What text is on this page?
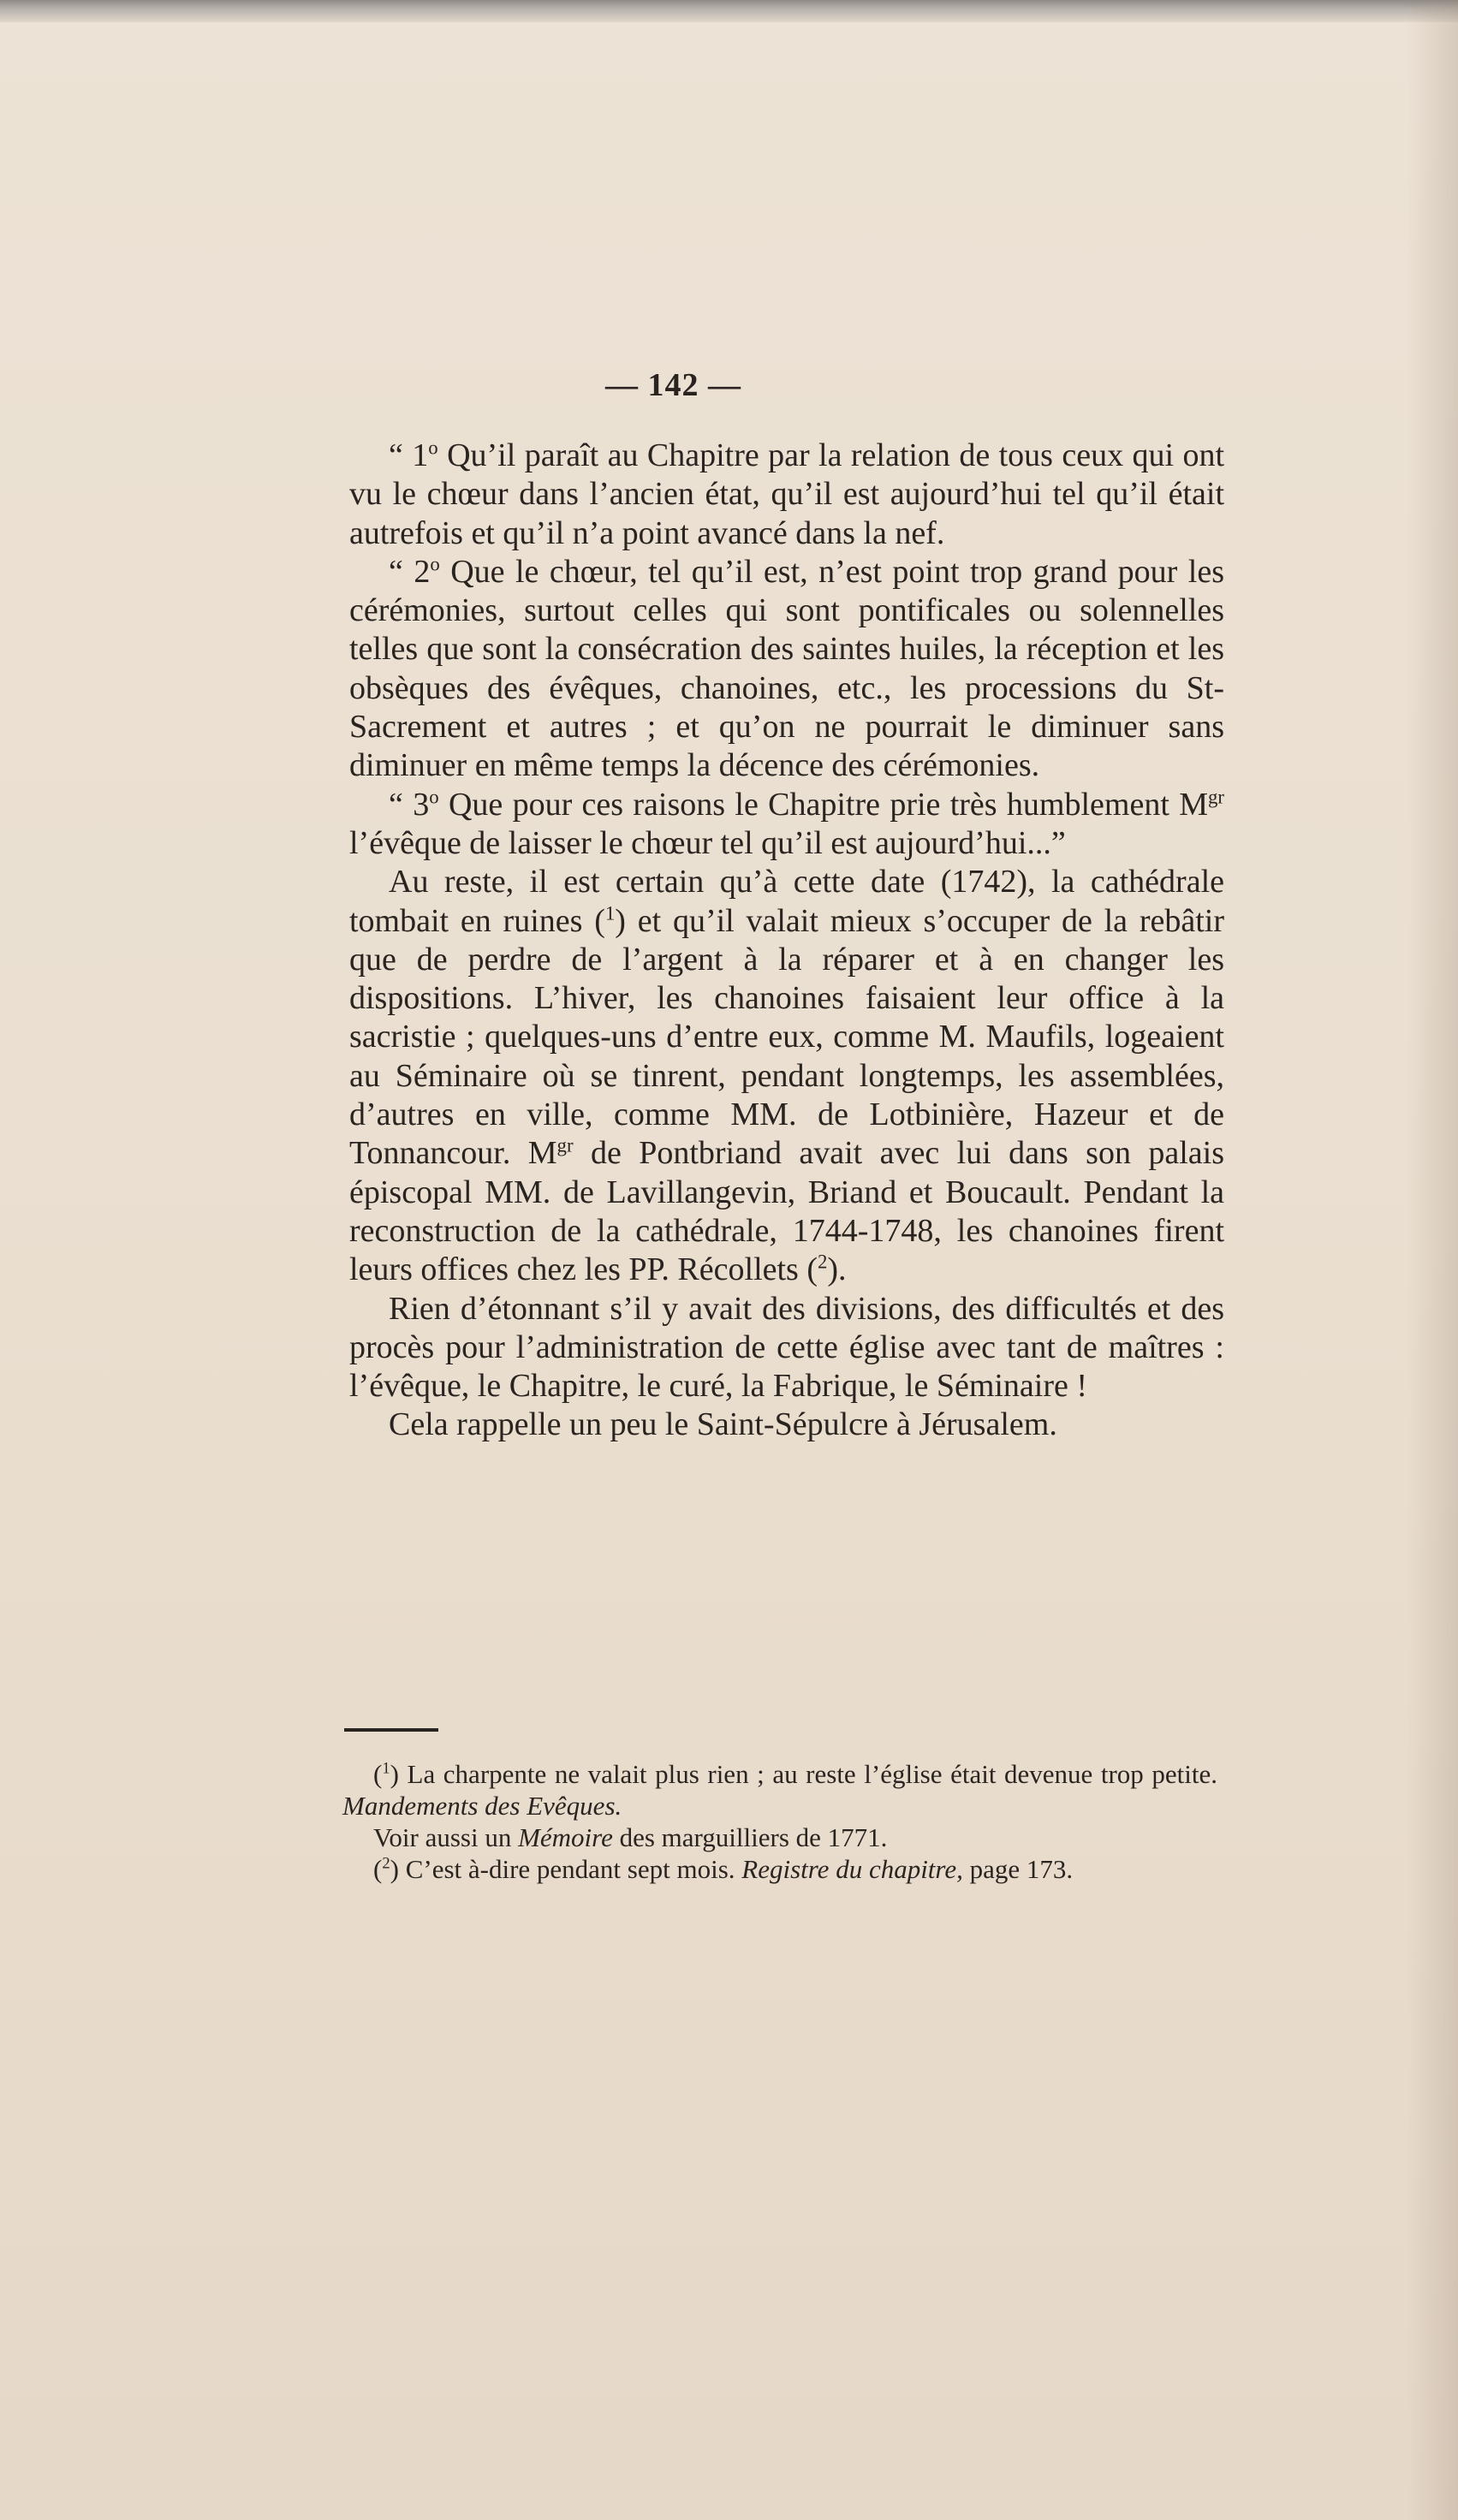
— 142 —

“ 1$^o$ Qu’il paraît au Chapitre par la relation de tous ceux qui ont vu le chœur dans l’ancien état, qu’il est aujourd’hui tel qu’il était autrefois et qu’il n’a point avancé dans la nef.

“ 2$^o$ Que le chœur, tel qu’il est, n’est point trop grand pour les cérémonies, surtout celles qui sont pontificales ou solennelles telles que sont la consécration des saintes huiles, la réception et les obsèques des évêques, chanoines, etc., les processions du St-Sacrement et autres ; et qu’on ne pourrait le diminuer sans diminuer en même temps la décence des cérémonies.

“ 3$^o$ Que pour ces raisons le Chapitre prie très humblement $M^{gr}$ l’évêque de laisser le chœur tel qu’il est aujourd’hui...”

Au reste, il est certain qu’à cette date (1742), la cathédrale tombait en ruines ($^1$) et qu’il valait mieux s’occuper de la rebâtir que de perdre de l’argent à la réparer et à en changer les dispositions. L’hiver, les chanoines faisaient leur office à la sacristie ; quelques-uns d’entre eux, comme M. Maufils, logeaient au Séminaire où se tinrent, pendant longtemps, les assemblées, d’autres en ville, comme MM. de Lotbinière, Hazeur et de Tonnancour. $M^{gr}$ de Pontbriand avait avec lui dans son palais épiscopal MM. de Lavillangevin, Briand et Boucault. Pendant la reconstruction de la cathédrale, 1744-1748, les chanoines firent leurs offices chez les PP. Récollets ($^2$).

Rien d’étonnant s’il y avait des divisions, des difficultés et des procès pour l’administration de cette église avec tant de maîtres : l’évêque, le Chapitre, le curé, la Fabrique, le Séminaire !

Cela rappelle un peu le Saint-Sépulcre à Jérusalem.

($^1$) La charpente ne valait plus rien ; au reste l’église était devenue trop petite. Mandements des Evêques.

Voir aussi un Mémoire des marguilliers de 1771.

($^2$) C’est à-dire pendant sept mois. Registre du chapitre, page 173.
